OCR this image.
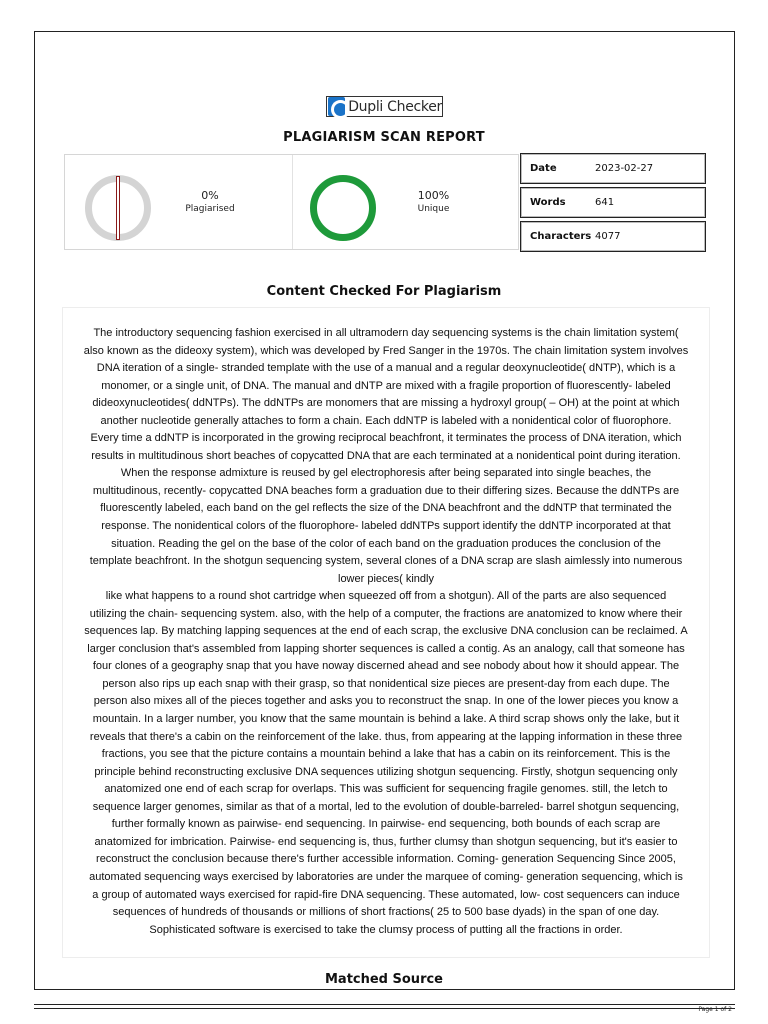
Dupli Checker
PLAGIARISM SCAN REPORT
0%
Plagiarised
100%
Unique
Date	2023-02-27
Words	641
Characters 4077
Content Checked For Plagiarism
The introductory sequencing fashion exercised in all ultramodern day sequencing systems is the chain limitation system(
also known as the dideoxy system), which was developed by Fred Sanger in the 1970s. The chain limitation system involves
DNA iteration of a single- stranded template with the use of a manual and a regular deoxynucleotide( dNTP), which is a
monomer, or a single unit, of DNA. The manual and dNTP are mixed with a fragile proportion of fluorescently- labeled
dideoxynucleotides( ddNTPs). The ddNTPs are monomers that are missing a hydroxyl group( – OH) at the point at which
another nucleotide generally attaches to form a chain. Each ddNTP is labeled with a nonidentical color of fluorophore.
Every time a ddNTP is incorporated in the growing reciprocal beachfront, it terminates the process of DNA iteration, which
results in multitudinous short beaches of copycatted DNA that are each terminated at a nonidentical point during iteration.
When the response admixture is reused by gel electrophoresis after being separated into single beaches, the
multitudinous, recently- copycatted DNA beaches form a graduation due to their differing sizes. Because the ddNTPs are
fluorescently labeled, each band on the gel reflects the size of the DNA beachfront and the ddNTP that terminated the
response. The nonidentical colors of the fluorophore- labeled ddNTPs support identify the ddNTP incorporated at that
situation. Reading the gel on the base of the color of each band on the graduation produces the conclusion of the
template beachfront. In the shotgun sequencing system, several clones of a DNA scrap are slash aimlessly into numerous
lower pieces( kindly
like what happens to a round shot cartridge when squeezed off from a shotgun). All of the parts are also sequenced
utilizing the chain- sequencing system. also, with the help of a computer, the fractions are anatomized to know where their
sequences lap. By matching lapping sequences at the end of each scrap, the exclusive DNA conclusion can be reclaimed. A
larger conclusion that's assembled from lapping shorter sequences is called a contig. As an analogy, call that someone has
four clones of a geography snap that you have noway discerned ahead and see nobody about how it should appear. The
person also rips up each snap with their grasp, so that nonidentical size pieces are present-day from each dupe. The
person also mixes all of the pieces together and asks you to reconstruct the snap. In one of the lower pieces you know a
mountain. In a larger number, you know that the same mountain is behind a lake. A third scrap shows only the lake, but it
reveals that there's a cabin on the reinforcement of the lake. thus, from appearing at the lapping information in these three
fractions, you see that the picture contains a mountain behind a lake that has a cabin on its reinforcement. This is the
principle behind reconstructing exclusive DNA sequences utilizing shotgun sequencing. Firstly, shotgun sequencing only
anatomized one end of each scrap for overlaps. This was sufficient for sequencing fragile genomes. still, the letch to
sequence larger genomes, similar as that of a mortal, led to the evolution of double-barreled- barrel shotgun sequencing,
further formally known as pairwise- end sequencing. In pairwise- end sequencing, both bounds of each scrap are
anatomized for imbrication. Pairwise- end sequencing is, thus, further clumsy than shotgun sequencing, but it's easier to
reconstruct the conclusion because there's further accessible information. Coming- generation Sequencing Since 2005,
automated sequencing ways exercised by laboratories are under the marquee of coming- generation sequencing, which is
a group of automated ways exercised for rapid-fire DNA sequencing. These automated, low- cost sequencers can induce
sequences of hundreds of thousands or millions of short fractions( 25 to 500 base dyads) in the span of one day.
Sophisticated software is exercised to take the clumsy process of putting all the fractions in order.
Matched Source
Page 1 of 2
